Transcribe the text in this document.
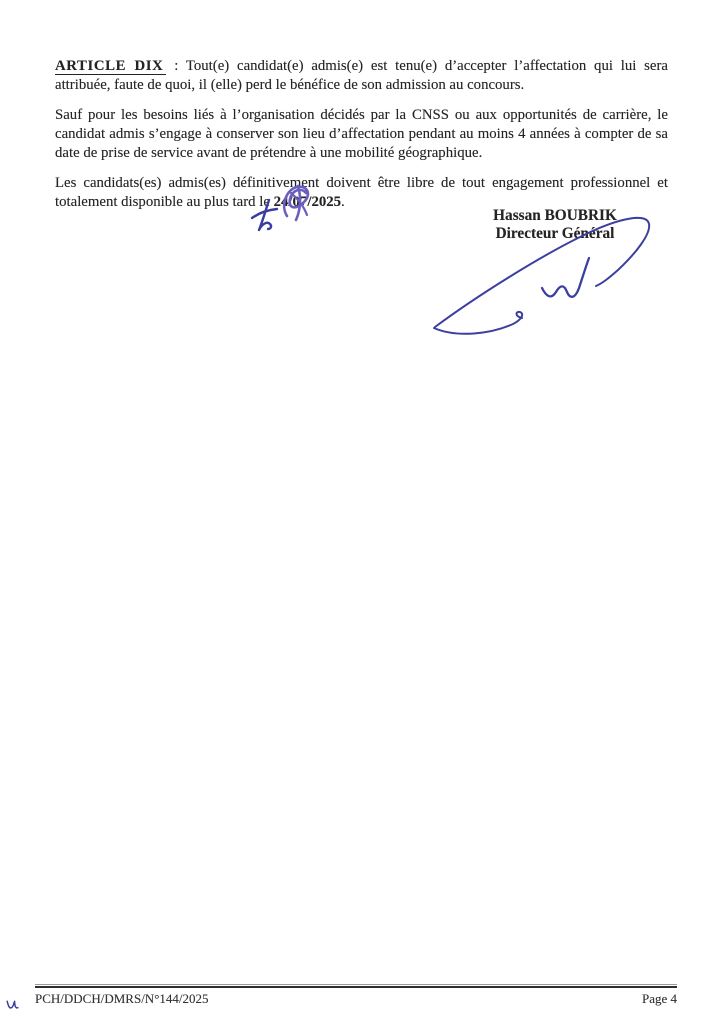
ARTICLE DIX : Tout(e) candidat(e) admis(e) est tenu(e) d’accepter l’affectation qui lui sera attribuée, faute de quoi, il (elle) perd le bénéfice de son admission au concours.

Sauf pour les besoins liés à l’organisation décidés par la CNSS ou aux opportunités de carrière, le candidat admis s’engage à conserver son lieu d’affectation pendant au moins 4 années à compter de sa date de prise de service avant de prétendre à une mobilité géographique.

Les candidats(es) admis(es) définitivement doivent être libre de tout engagement professionnel et totalement disponible au plus tard le 24/07/2025.

Hassan BOUBRIK
Directeur Général
PCH/DDCH/DMRS/N°144/2025	Page 4
